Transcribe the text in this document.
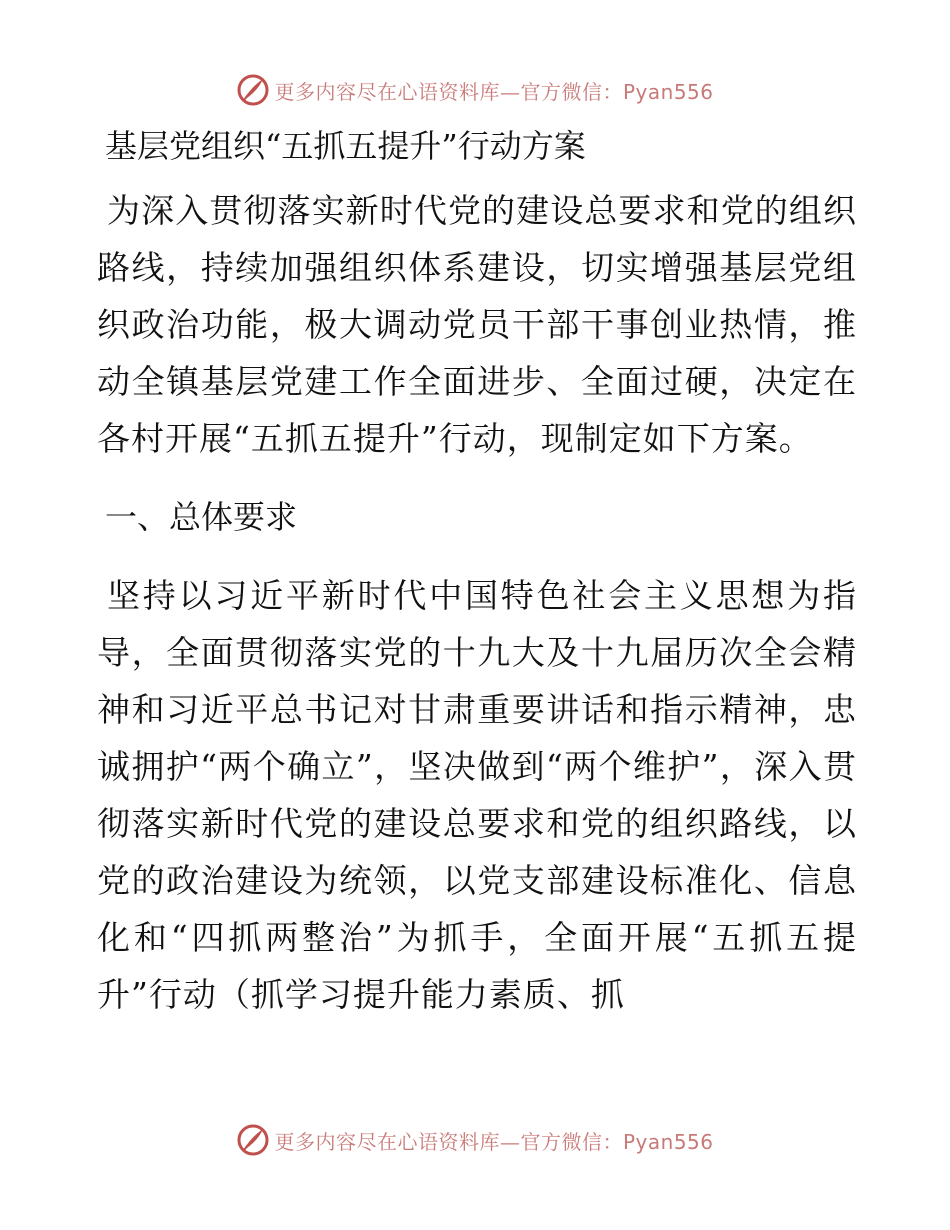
更多内容尽在心语资料库—官方微信：Pyan556
基层党组织“五抓五提升”行动方案

为深入贯彻落实新时代党的建设总要求和党的组织路线，持续加强组织体系建设，切实增强基层党组织政治功能，极大调动党员干部干事创业热情，推动全镇基层党建工作全面进步、全面过硬，决定在各村开展“五抓五提升”行动，现制定如下方案。

一、总体要求

坚持以习近平新时代中国特色社会主义思想为指导，全面贯彻落实党的十九大及十九届历次全会精神和习近平总书记对甘肃重要讲话和指示精神，忠诚拥护“两个确立”，坚决做到“两个维护”，深入贯彻落实新时代党的建设总要求和党的组织路线，以党的政治建设为统领，以党支部建设标准化、信息化和“四抓两整治”为抓手，全面开展“五抓五提升”行动（抓学习提升能力素质、抓

更多内容尽在心语资料库—官方微信：Pyan556
